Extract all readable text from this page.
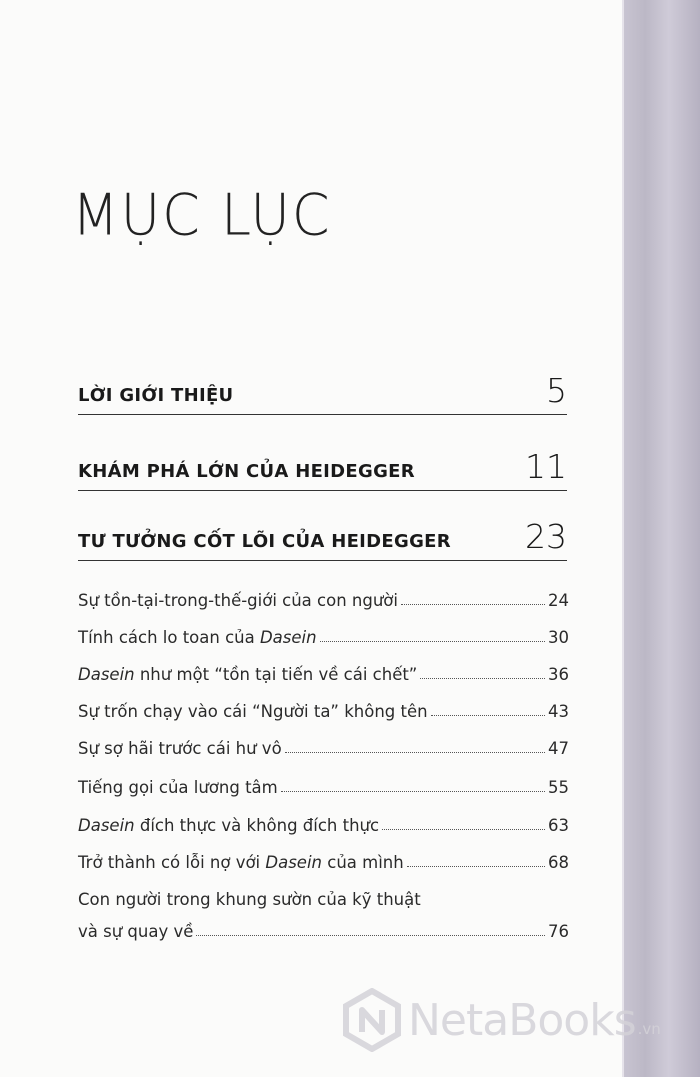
MỤC LỤC
LỜI GIỚI THIỆU	5
KHÁM PHÁ LỚN CỦA HEIDEGGER	11
TƯ TƯỞNG CỐT LÕI CỦA HEIDEGGER 23
Sự tồn-tại-trong-thế-giới của con người	24
Tính cách lo toan của Dasein	30
Dasein như một “tồn tại tiến về cái chết”	36
Sự trốn chạy vào cái “Người ta” không tên	43
Sự sợ hãi trước cái hư vô	47
Tiếng gọi của lương tâm	55
Dasein đích thực và không đích thực	63
Trở thành có lỗi nợ với Dasein của mình	68
Con người trong khung sườn của kỹ thuật
và sự quay về	76
NetaBooks .vn
